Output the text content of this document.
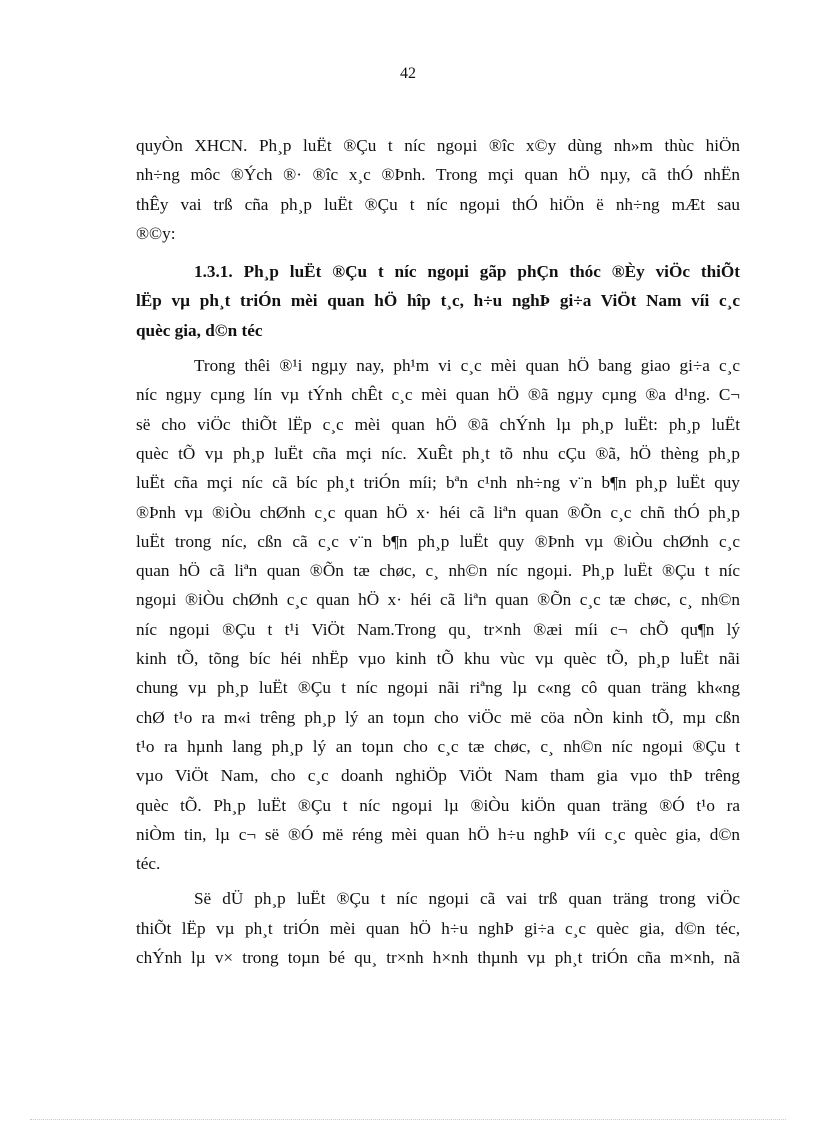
42
quyÒn XHCN. Ph¸p luËt ®Çu t níc ngoµi ®îc x©y dùng nh»m thùc hiÖn
nh÷ng môc ®Ých ®· ®îc x¸c ®Þnh. Trong mçi quan hÖ nµy, cã thÓ nhËn
thÊy vai trß cña ph¸p luËt ®Çu t níc ngoµi thÓ hiÖn ë nh÷ng mÆt sau
®©y:
1.3.1. Ph¸p luËt ®Çu t níc ngoµi gãp phÇn thóc ®Èy viÖc thiÕt
lËp vµ ph¸t triÓn mèi quan hÖ hîp t¸c, h÷u nghÞ gi÷a ViÖt Nam víi c¸c
quèc gia, d©n téc
Trong thêi ®¹i ngµy nay, ph¹m vi c¸c mèi quan hÖ bang giao gi÷a c¸c
níc ngµy cµng lín vµ tÝnh chÊt c¸c mèi quan hÖ ®ã ngµy cµng ®a d¹ng. C¬
së cho viÖc thiÕt lËp c¸c mèi quan hÖ ®ã chÝnh lµ ph¸p luËt: ph¸p luËt
quèc tÕ vµ ph¸p luËt cña mçi níc. XuÊt ph¸t tõ nhu cÇu ®ã, hÖ thèng ph¸p
luËt cña mçi níc cã bíc ph¸t triÓn míi; bªn c¹nh nh÷ng v¨n b¶n ph¸p luËt quy
®Þnh vµ ®iÒu chØnh c¸c quan hÖ x· héi cã liªn quan ®Õn c¸c chñ thÓ ph¸p
luËt trong níc, cßn cã c¸c v¨n b¶n ph¸p luËt quy ®Þnh vµ ®iÒu chØnh c¸c
quan hÖ cã liªn quan ®Õn tæ chøc, c¸ nh©n níc ngoµi. Ph¸p luËt ®Çu t níc
ngoµi ®iÒu chØnh c¸c quan hÖ x· héi cã liªn quan ®Õn c¸c tæ chøc, c¸ nh©n
níc ngoµi ®Çu t t¹i ViÖt Nam.Trong qu¸ tr×nh ®æi míi c¬ chÕ qu¶n lý
kinh tÕ, tõng bíc héi nhËp vµo kinh tÕ khu vùc vµ quèc tÕ, ph¸p luËt nãi
chung vµ ph¸p luËt ®Çu t níc ngoµi nãi riªng lµ c«ng cô quan träng kh«ng
chØ t¹o ra m«i trêng ph¸p lý an toµn cho viÖc më cöa nÒn kinh tÕ, mµ cßn
t¹o ra hµnh lang ph¸p lý an toµn cho c¸c tæ chøc, c¸ nh©n níc ngoµi ®Çu t
vµo ViÖt Nam, cho c¸c doanh nghiÖp ViÖt Nam tham gia vµo thÞ trêng
quèc tÕ. Ph¸p luËt ®Çu t níc ngoµi lµ ®iÒu kiÖn quan träng ®Ó t¹o ra
niÒm tin, lµ c¬ së ®Ó më réng mèi quan hÖ h÷u nghÞ víi c¸c quèc gia, d©n
téc.
Së dÜ ph¸p luËt ®Çu t níc ngoµi cã vai trß quan träng trong viÖc
thiÕt lËp vµ ph¸t triÓn mèi quan hÖ h÷u nghÞ gi÷a c¸c quèc gia, d©n téc,
chÝnh lµ v× trong toµn bé qu¸ tr×nh h×nh thµnh vµ ph¸t triÓn cña m×nh, nã
